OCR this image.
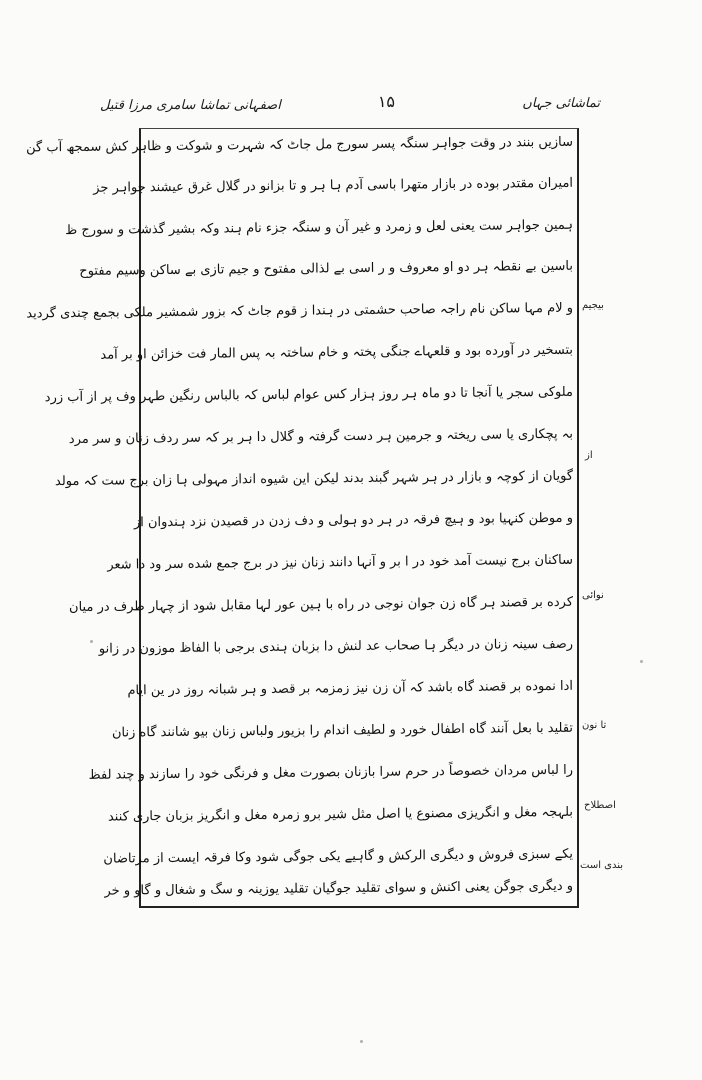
تماشائی جہاں
۱۵
اصفہانی تماشا سامری مرزا قتیل
سازیں بنند در وقت جواہر سنگہ پسر سورج مل جاٹ کہ شہرت و شوکت و ظاہر کش سمجھ آب گن
امیران مقتدر بوده در بازار متھرا باسی آدم ہا ہر و تا بزانو در گلال غرق عیشند جواہر جز
ہمین جواہر ست یعنی لعل و زمرد و غیر آن و سنگہ جزء نام ہند وکہ بشیر گذشت و سورج ظ
باسین بے نقطہ ہر دو او معروف و ر اسی بے لذالی مفتوح و جیم تازی بے ساکن وسیم مفتوح
و لام مہا ساکن نام راجہ صاحب حشمتی در ہندا ز قوم جاٹ کہ بزور شمشیر ملکی بجمع چندی گردید
بتسخیر در آورده بود و قلعہاے جنگی پختہ و خام ساختہ بہ پس المار فت خزائن او بر آمد
ملوکی سجر یا آنجا تا دو ماہ ہر روز ہزار کس عوام لباس کہ بالباس رنگین طہر وف پر از آب زرد
بہ پچکاری یا سی ریختہ و جرمین ہر دست گرفتہ و گلال دا ہر بر کہ سر ردف زنان و سر مرد
گویان از کوچہ و بازار در ہر شہر گبند بدند لیکن این شیوه انداز مہولی ہا زان برج ست کہ مولد
و موطن کنہیا بود و ہیچ فرقہ در ہر دو ہولی و دف زدن در قصیدن نزد ہندوان از
ساکنان برج نیست آمد خود در ا بر و آنہا دانند زنان نیز در برج جمع شده سر ود دا شعر
کرده بر قصند ہر گاه زن جوان نوجی در راه با ہین عور لہا مقابل شود از چہار طرف در میان
رصف سینہ زنان در دیگر ہا صحاب عد لنش دا بزبان ہندی برجی با الفاظ موزون در زانو
ادا نموده بر قصند گاه باشد کہ آن زن نیز زمزمہ بر قصد و ہر شبانہ روز در ین ایام
تقلید با بعل آنند گاه اطفال خورد و لطیف اندام را بزیور ولباس زنان بیو شانند گاه زنان
را لباس مردان خصوصاً در حرم سرا بازنان بصورت مغل و فرنگی خود را سازند و چند لفظ
بلہجہ مغل و انگریزی مصنوع یا اصل مثل شیر برو زمرہ مغل و انگریز بزبان جاری کنند
یکے سبزی فروش و دیگری الرکش و گاہیے یکی جوگی شود وکا فرقہ ایست از مرتاضان
و دیگری جوگن یعنی اکنش و سوای تقلید جوگیان تقلید یوزینہ و سگ و شغال و گاو و خر
بیجیم
از
نوائی
تا نون
اصطلاح
بندی است
